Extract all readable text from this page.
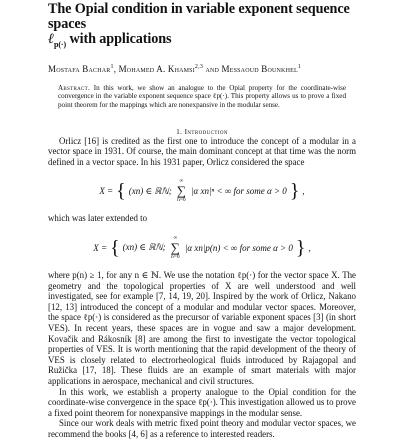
The Opial condition in variable exponent sequence spaces
ℓ$_{p(\cdot)}$ with applications
Mostafa Bachar$^1$, Mohamed A. Khamsi$^{2,3}$ and Messaoud Bounkhel$^1$
Abstract. In this work, we show an analogue to the Opial property for the coordinate-wise convergence in the variable exponent sequence space ℓp(·). This property allows us to prove a fixed point theorem for the mappings which are nonexpansive in the modular sense.
1. Introduction

Orlicz [16] is credited as the first one to introduce the concept of a modular in a vector space in 1931. Of course, the main dominant concept at that time was the norm defined in a vector space. In his 1931 paper, Orlicz considered the space

X = { (xn) ∈ ℝℕ;
∞
∑
n=0
|α xn|ⁿ < ∞ for some α > 0 } ,

which was later extended to

X = { (xn) ∈ ℝℕ;
∞
∑
n=0
|α xn|p(n) < ∞ for some α > 0 } ,

where p(n) ≥ 1, for any n ∈ ℕ. We use the notation ℓp(·) for the vector space X. The geometry and the topological properties of X are well understood and well investigated, see for example [7, 14, 19, 20]. Inspired by the work of Orlicz, Nakano [12, 13] introduced the concept of a modular and modular vector spaces. Moreover, the space ℓp(·) is considered as the precursor of variable exponent spaces [3] (in short VES). In recent years, these spaces are in vogue and saw a major development. Kovačik and Rákosník [8] are among the first to investigate the vector topological properties of VES. It is worth mentioning that the rapid development of the theory of VES is closely related to electrorheological fluids introduced by Rajagopal and Ružička [17, 18]. These fluids are an example of smart materials with major applications in aerospace, mechanical and civil structures.

In this work, we establish a property analogue to the Opial condition for the coordinate-wise convergence in the space ℓp(·). This investigation allowed us to prove a fixed point theorem for nonexpansive mappings in the modular sense.

Since our work deals with metric fixed point theory and modular vector spaces, we recommend the books [4, 6] as a reference to interested readers.
